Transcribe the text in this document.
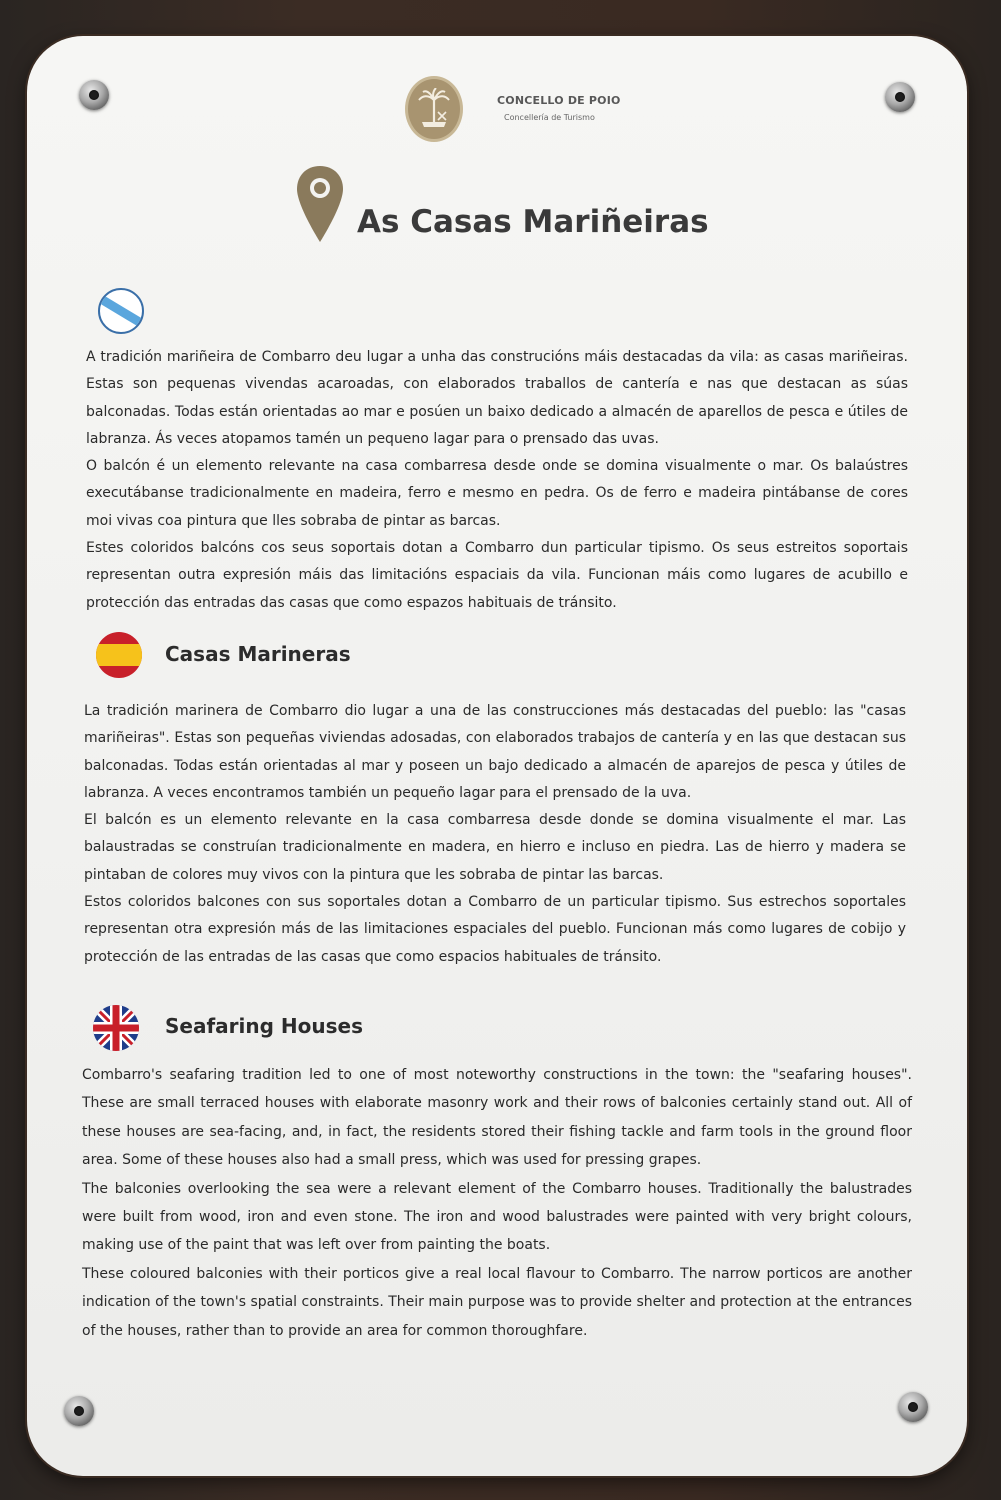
CONCELLO DE POIO
Concellería de Turismo
As Casas Mariñeiras

A tradición mariñeira de Combarro deu lugar a unha das construcións máis destacadas da vila: as casas mariñeiras. Estas son pequenas vivendas acaroadas, con elaborados traballos de cantería e nas que destacan as súas balconadas. Todas están orientadas ao mar e posúen un baixo dedicado a almacén de aparellos de pesca e útiles de labranza. Ás veces atopamos tamén un pequeno lagar para o prensado das uvas.

O balcón é un elemento relevante na casa combarresa desde onde se domina visualmente o mar. Os balaústres executábanse tradicionalmente en madeira, ferro e mesmo en pedra. Os de ferro e madeira pintábanse de cores moi vivas coa pintura que lles sobraba de pintar as barcas.

Estes coloridos balcóns cos seus soportais dotan a Combarro dun particular tipismo. Os seus estreitos soportais representan outra expresión máis das limitacións espaciais da vila. Funcionan máis como lugares de acubillo e protección das entradas das casas que como espazos habituais de tránsito.

Casas Marineras

La tradición marinera de Combarro dio lugar a una de las construcciones más destacadas del pueblo: las "casas mariñeiras". Estas son pequeñas viviendas adosadas, con elaborados trabajos de cantería y en las que destacan sus balconadas. Todas están orientadas al mar y poseen un bajo dedicado a almacén de aparejos de pesca y útiles de labranza. A veces encontramos también un pequeño lagar para el prensado de la uva.

El balcón es un elemento relevante en la casa combarresa desde donde se domina visualmente el mar. Las balaustradas se construían tradicionalmente en madera, en hierro e incluso en piedra. Las de hierro y madera se pintaban de colores muy vivos con la pintura que les sobraba de pintar las barcas.

Estos coloridos balcones con sus soportales dotan a Combarro de un particular tipismo. Sus estrechos soportales representan otra expresión más de las limitaciones espaciales del pueblo. Funcionan más como lugares de cobijo y protección de las entradas de las casas que como espacios habituales de tránsito.

Seafaring Houses

Combarro's seafaring tradition led to one of most noteworthy constructions in the town: the "seafaring houses". These are small terraced houses with elaborate masonry work and their rows of balconies certainly stand out. All of these houses are sea-facing, and, in fact, the residents stored their fishing tackle and farm tools in the ground floor area. Some of these houses also had a small press, which was used for pressing grapes.

The balconies overlooking the sea were a relevant element of the Combarro houses. Traditionally the balustrades were built from wood, iron and even stone. The iron and wood balustrades were painted with very bright colours, making use of the paint that was left over from painting the boats.

These coloured balconies with their porticos give a real local flavour to Combarro. The narrow porticos are another indication of the town's spatial constraints. Their main purpose was to provide shelter and protection at the entrances of the houses, rather than to provide an area for common thoroughfare.
